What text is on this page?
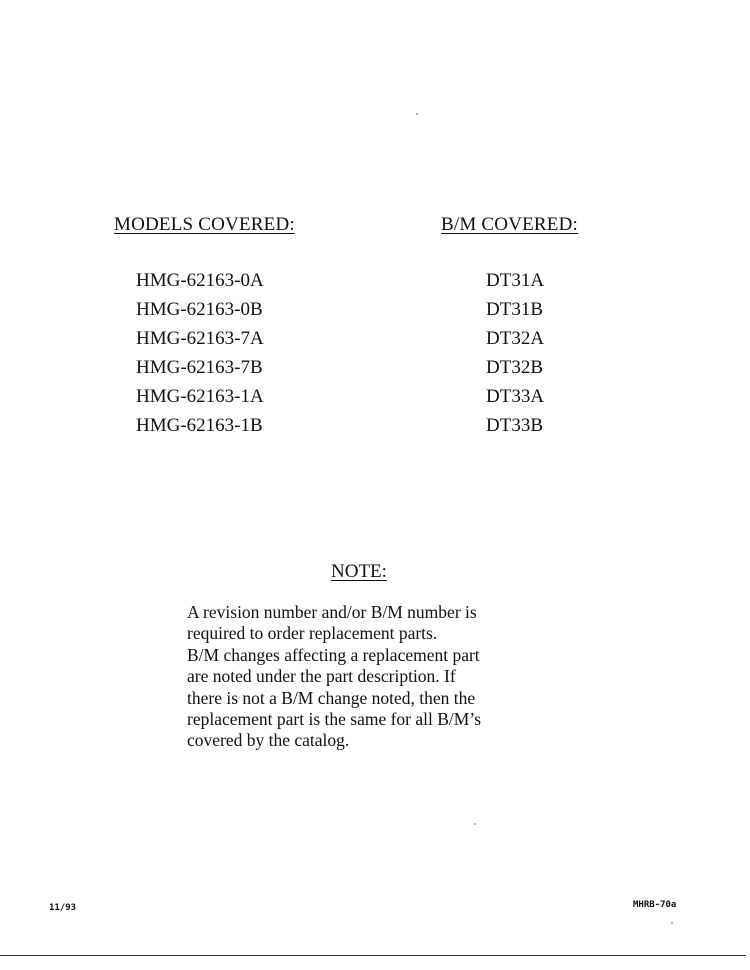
MODELS COVERED:	B/M COVERED:
HMG-62163-0A
HMG-62163-0B
HMG-62163-7A
HMG-62163-7B
HMG-62163-1A
HMG-62163-1B
DT31A
DT31B
DT32A
DT32B
DT33A
DT33B
NOTE:
A revision number and/or B/M number is
required to order replacement parts.
B/M changes affecting a replacement part
are noted under the part description. If
there is not a B/M change noted, then the
replacement part is the same for all B/M’s
covered by the catalog.
11/93	MHRB-70a
